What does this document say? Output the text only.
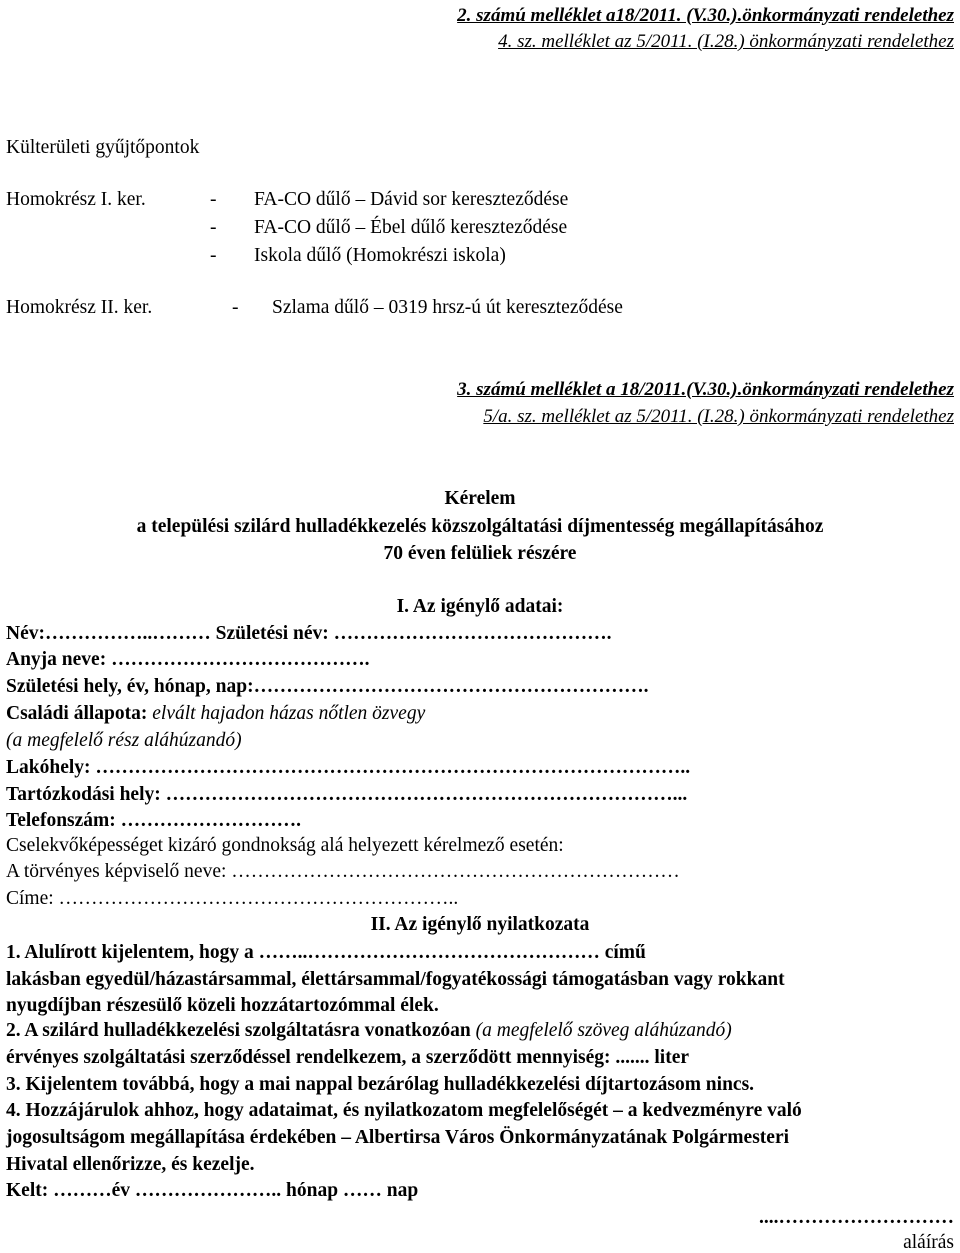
2. számú melléklet a18/2011. (V.30.).önkormányzati rendelethez
4. sz. melléklet az 5/2011. (I.28.) önkormányzati rendelethez
Külterületi gyűjtőpontok
Homokrész I. ker.	- FA-CO dűlő – Dávid sor kereszteződése
- FA-CO dűlő – Ébel dűlő kereszteződése
- Iskola dűlő (Homokrészi iskola)
Homokrész II. ker.	- Szlama dűlő – 0319 hrsz-ú út kereszteződése
3. számú melléklet a 18/2011.(V.30.).önkormányzati rendelethez
5/a. sz. melléklet az 5/2011. (I.28.) önkormányzati rendelethez
Kérelem
a települési szilárd hulladékkezelés közszolgáltatási díjmentesség megállapításához
70 éven felüliek részére
I. Az igénylő adatai:
Név:……………..……… Születési név: …………………………………….
Anyja neve: ………………………………….
Születési hely, év, hónap, nap:…………………………………………………….
Családi állapota: elvált hajadon házas nőtlen özvegy
(a megfelelő rész aláhúzandó)
Lakóhely: ………………………………………………………………………………..
Tartózkodási hely: ……………………………………………………………………...
Telefonszám: ……………………….
Cselekvőképességet kizáró gondnokság alá helyezett kérelmező esetén:
A törvényes képviselő neve: ……………………………………………………………
Címe: ……………………………………………………..
II. Az igénylő nyilatkozata
1. Alulírott kijelentem, hogy a ……..……………………………………… című
lakásban egyedül/házastársammal, élettársammal/fogyatékossági támogatásban vagy rokkant
nyugdíjban részesülő közeli hozzátartozómmal élek.
2. A szilárd hulladékkezelési szolgáltatásra vonatkozóan (a megfelelő szöveg aláhúzandó)
érvényes szolgáltatási szerződéssel rendelkezem, a szerződött mennyiség: ....... liter
3. Kijelentem továbbá, hogy a mai nappal bezárólag hulladékkezelési díjtartozásom nincs.
4. Hozzájárulok ahhoz, hogy adataimat, és nyilatkozatom megfelelőségét – a kedvezményre való
jogosultságom megállapítása érdekében – Albertirsa Város Önkormányzatának Polgármesteri
Hivatal ellenőrizze, és kezelje.
Kelt: ………év ………………….. hónap …… nap
....………………………
aláírás
